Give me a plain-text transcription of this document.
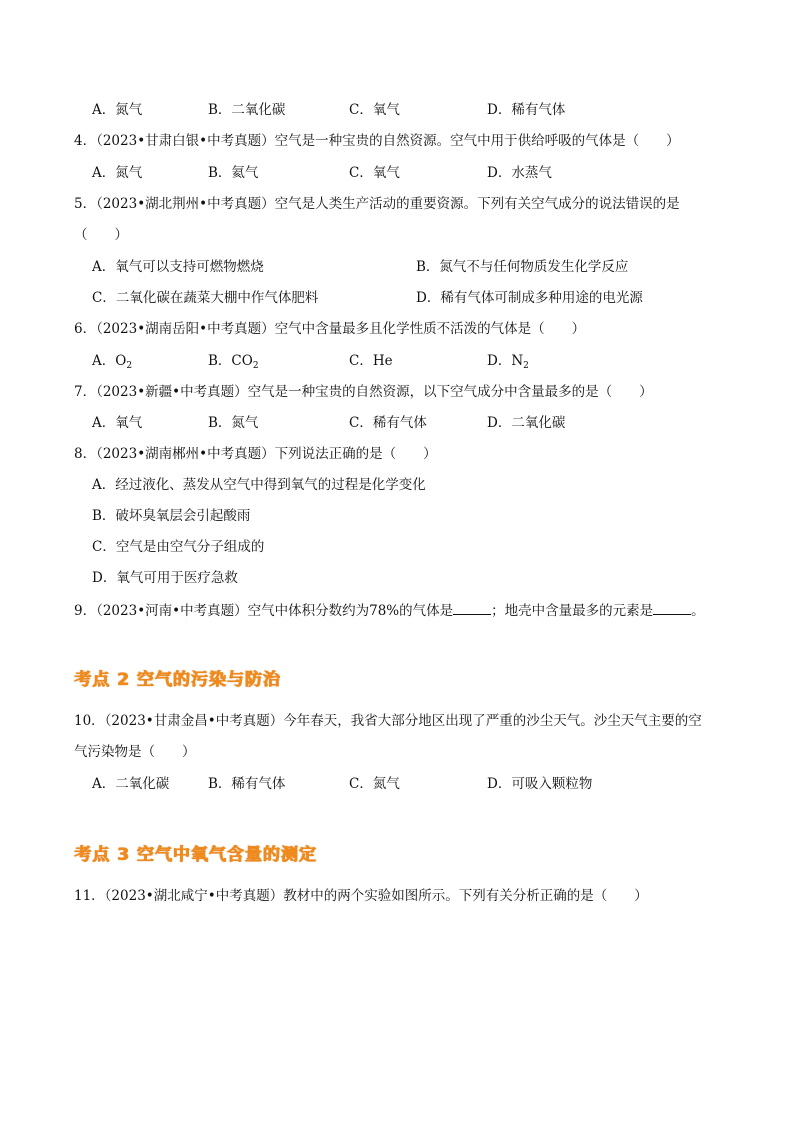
A．氮气	B．二氧化碳	C．氧气	D．稀有气体
4．（2023•甘肃白银•中考真题）空气是一种宝贵的自然资源。空气中用于供给呼吸的气体是（　　）
A．氮气	B．氦气	C．氧气	D．水蒸气
5．（2023•湖北荆州•中考真题）空气是人类生产活动的重要资源。下列有关空气成分的说法错误的是
（　　）
A．氧气可以支持可燃物燃烧	B．氮气不与任何物质发生化学反应
C．二氧化碳在蔬菜大棚中作气体肥料	D．稀有气体可制成多种用途的电光源
6．（2023•湖南岳阳•中考真题）空气中含量最多且化学性质不活泼的气体是（　　）
A．$O_2$	B．$CO_2$	C．He	D．$N_2$
7．（2023•新疆•中考真题）空气是一种宝贵的自然资源，以下空气成分中含量最多的是（　　）
A．氧气	B．氮气	C．稀有气体	D．二氧化碳
8．（2023•湖南郴州•中考真题）下列说法正确的是（　　）
A．经过液化、蒸发从空气中得到氧气的过程是化学变化
B．破坏臭氧层会引起酸雨
C．空气是由空气分子组成的
D．氧气可用于医疗急救
9．（2023•河南•中考真题）空气中体积分数约为78%的气体是	；地壳中含量最多的元素是	。
考点 2 空气的污染与防治
10．（2023•甘肃金昌•中考真题）今年春天，我省大部分地区出现了严重的沙尘天气。沙尘天气主要的空
气污染物是（　　）
A．二氧化碳	B．稀有气体	C．氮气	D．可吸入颗粒物
考点 3 空气中氧气含量的测定
11．（2023•湖北咸宁•中考真题）教材中的两个实验如图所示。下列有关分析正确的是（　　）
